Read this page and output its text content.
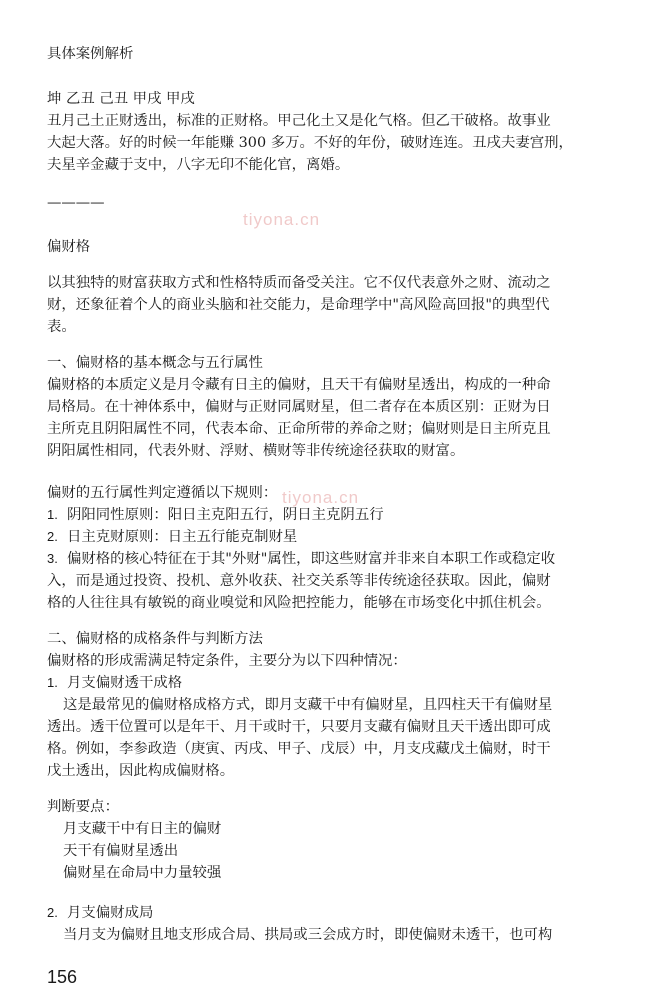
具体案例解析
坤 乙丑 己丑 甲戌 甲戌
丑月己土正财透出，标准的正财格。甲己化土又是化气格。但乙干破格。故事业
大起大落。好的时候一年能赚 300 多万。不好的年份，破财连连。丑戌夫妻宫刑，
夫星辛金藏于支中，八字无印不能化官，离婚。
————
偏财格
以其独特的财富获取方式和性格特质而备受关注。它不仅代表意外之财、流动之
财，还象征着个人的商业头脑和社交能力，是命理学中"高风险高回报"的典型代
表。
一、偏财格的基本概念与五行属性
偏财格的本质定义是月令藏有日主的偏财，且天干有偏财星透出，构成的一种命
局格局。在十神体系中，偏财与正财同属财星，但二者存在本质区别：正财为日
主所克且阴阳属性不同，代表本命、正命所带的养命之财；偏财则是日主所克且
阴阳属性相同，代表外财、浮财、横财等非传统途径获取的财富。
偏财的五行属性判定遵循以下规则：
1. 阴阳同性原则：阳日主克阳五行，阴日主克阴五行
2. 日主克财原则：日主五行能克制财星
3. 偏财格的核心特征在于其"外财"属性，即这些财富并非来自本职工作或稳定收
入，而是通过投资、投机、意外收获、社交关系等非传统途径获取。因此，偏财
格的人往往具有敏锐的商业嗅觉和风险把控能力，能够在市场变化中抓住机会。
二、偏财格的成格条件与判断方法
偏财格的形成需满足特定条件，主要分为以下四种情况：
1. 月支偏财透干成格
这是最常见的偏财格成格方式，即月支藏干中有偏财星，且四柱天干有偏财星
透出。透干位置可以是年干、月干或时干，只要月支藏有偏财且天干透出即可成
格。例如，李参政造（庚寅、丙戌、甲子、戊辰）中，月支戌藏戊土偏财，时干
戊土透出，因此构成偏财格。
判断要点：
月支藏干中有日主的偏财
天干有偏财星透出
偏财星在命局中力量较强
2. 月支偏财成局
当月支为偏财且地支形成合局、拱局或三会成方时，即使偏财未透干，也可构
156
tiyona.cn
tiyona.cn
